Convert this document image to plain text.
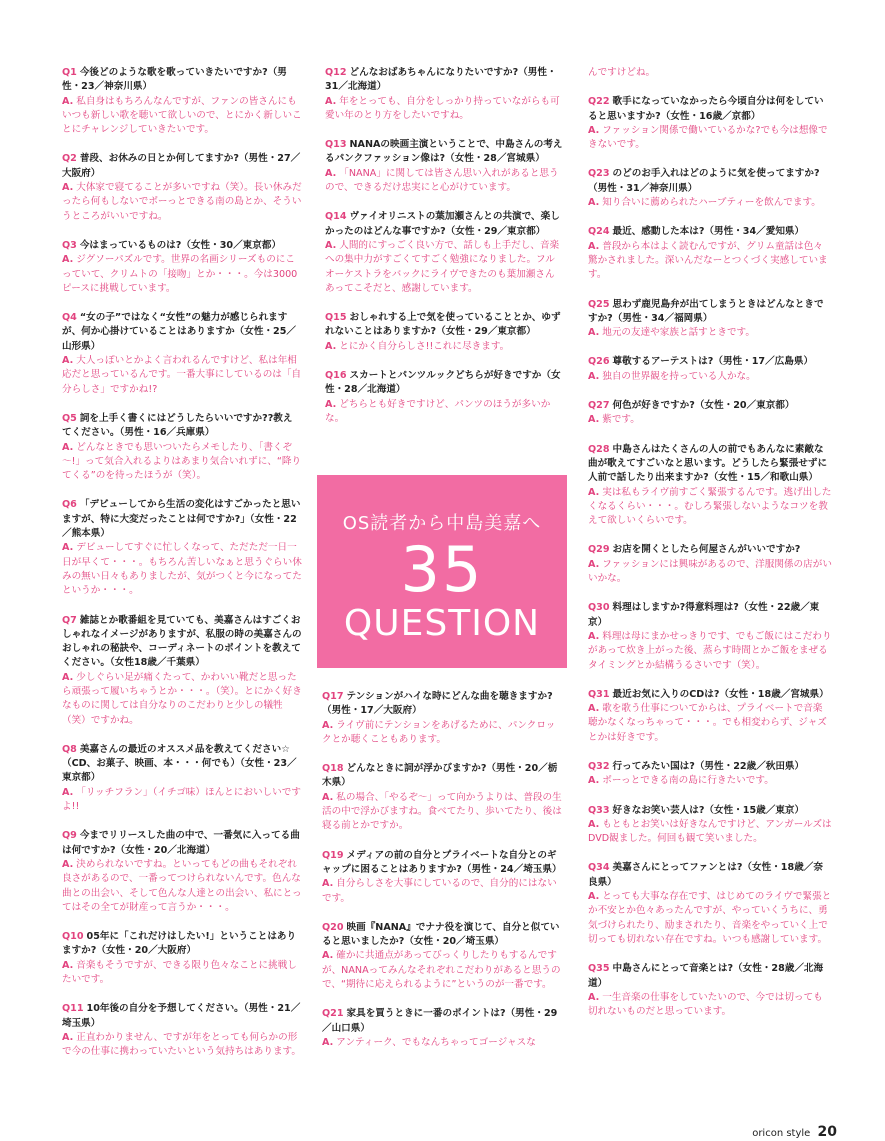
Q1 今後どのような歌を歌っていきたいですか?（男性・23／神奈川県）

A. 私自身はもちろんなんですが、ファンの皆さんにもいつも新しい歌を聴いて欲しいので、とにかく新しいことにチャレンジしていきたいです。

Q2 普段、お休みの日とか何してますか?（男性・27／大阪府）

A. 大体家で寝てることが多いですね（笑）。長い休みだったら何もしないでボーっとできる南の島とか、そういうところがいいですね。

Q3 今はまっているものは?（女性・30／東京都）

A. ジグソーパズルです。世界の名画シリーズものにこっていて、クリムトの「接吻」とか・・・。今は3000ピースに挑戦しています。

Q4 “女の子”ではなく“女性”の魅力が感じられますが、何か心掛けていることはありますか（女性・25／山形県）

A. 大人っぽいとかよく言われるんですけど、私は年相応だと思っているんです。一番大事にしているのは「自分らしさ」ですかね!?

Q5 詞を上手く書くにはどうしたらいいですか??教えてください。（男性・16／兵庫県）

A. どんなときでも思いついたらメモしたり、「書くぞ～!」って気合入れるよりはあまり気合いれずに、“降りてくる”のを待ったほうが（笑）。

Q6 「デビューしてから生活の変化はすごかったと思いますが、特に大変だったことは何ですか?」（女性・22／熊本県）

A. デビューしてすぐに忙しくなって、ただただ一日一日が早くて・・・。もちろん苦しいなぁと思うぐらい休みの無い日々もありましたが、気がつくと今になってたというか・・・。

Q7 雑誌とか歌番組を見ていても、美嘉さんはすごくおしゃれなイメージがありますが、私服の時の美嘉さんのおしゃれの秘訣や、コーディネートのポイントを教えてください。（女性18歳／千葉県）

A. 少しぐらい足が痛くたって、かわいい靴だと思ったら頑張って履いちゃうとか・・・。（笑）。とにかく好きなものに関しては自分なりのこだわりと少しの犠牲（笑）ですかね。

Q8 美嘉さんの最近のオススメ品を教えてください☆（CD、お菓子、映画、本・・・何でも）（女性・23／東京都）

A. 「リッチフラン」（イチゴ味）ほんとにおいしいですよ!!

Q9 今までリリースした曲の中で、一番気に入ってる曲は何ですか?（女性・20／北海道）

A. 決められないですね。といってもどの曲もそれぞれ良さがあるので、一番ってつけられないんです。色んな曲との出会い、そして色んな人達との出会い、私にとってはその全てが財産って言うか・・・。

Q10 05年に「これだけはしたい!」ということはありますか?（女性・20／大阪府）

A. 音楽もそうですが、できる限り色々なことに挑戦したいです。

Q11 10年後の自分を予想してください。（男性・21／埼玉県）

A. 正直わかりません、ですが年をとっても何らかの形で今の仕事に携わっていたいという気持ちはあります。

Q12 どんなおばあちゃんになりたいですか?（男性・31／北海道）

A. 年をとっても、自分をしっかり持っていながらも可愛い年のとり方をしたいですね。

Q13 NANAの映画主演ということで、中島さんの考えるパンクファッション像は?（女性・28／宮城県）

A. 「NANA」に関しては皆さん思い入れがあると思うので、できるだけ忠実にと心がけています。

Q14 ヴァイオリニストの葉加瀬さんとの共演で、楽しかったのはどんな事ですか?（女性・29／東京都）

A. 人間的にすっごく良い方で、話しも上手だし、音楽への集中力がすごくてすごく勉強になりました。フルオーケストラをバックにライヴできたのも葉加瀬さんあってこそだと、感謝しています。

Q15 おしゃれする上で気を使っていることとか、ゆずれないことはありますか?（女性・29／東京都）

A. とにかく自分らしさ!!これに尽きます。

Q16 スカートとパンツルックどちらが好きですか（女性・28／北海道）

A. どちらとも好きですけど、パンツのほうが多いかな。

OS読者から中島美嘉へ
35
QUESTION

Q17 テンションがハイな時にどんな曲を聴きますか?（男性・17／大阪府）

A. ライヴ前にテンションをあげるために、パンクロックとか聴くこともあります。

Q18 どんなときに詞が浮かびますか?（男性・20／栃木県）

A. 私の場合、「やるぞ～」って向かうよりは、普段の生活の中で浮かびますね。食べてたり、歩いてたり、後は寝る前とかですか。

Q19 メディアの前の自分とプライベートな自分とのギャップに困ることはありますか?（男性・24／埼玉県）

A. 自分らしさを大事にしているので、自分的にはないです。

Q20 映画『NANA』でナナ役を演じて、自分と似ていると思いましたか?（女性・20／埼玉県）

A. 確かに共通点があってびっくりしたりもするんですが、NANAってみんなそれぞれこだわりがあると思うので、“期待に応えられるように”というのが一番です。

Q21 家具を買うときに一番のポイントは?（男性・29／山口県）

A. アンティーク、でもなんちゃってゴージャスな

んですけどね。

Q22 歌手になっていなかったら今頃自分は何をしていると思いますか?（女性・16歳／京都）

A. ファッション関係で働いているかな?でも今は想像できないです。

Q23 のどのお手入れはどのように気を使ってますか?（男性・31／神奈川県）

A. 知り合いに薦められたハーブティーを飲んでます。

Q24 最近、感動した本は?（男性・34／愛知県）

A. 普段から本はよく読むんですが、グリム童話は色々驚かされました。深いんだなーとつくづく実感しています。

Q25 思わず鹿児島弁が出てしまうときはどんなときですか?（男性・34／福岡県）

A. 地元の友達や家族と話すときです。

Q26 尊敬するアーテストは?（男性・17／広島県）

A. 独自の世界観を持っている人かな。

Q27 何色が好きですか?（女性・20／東京都）

A. 紫です。

Q28 中島さんはたくさんの人の前でもあんなに素敵な曲が歌えてすごいなと思います。どうしたら緊張せずに人前で話したり出来ますか?（女性・15／和歌山県）

A. 実は私もライヴ前すごく緊張するんです。逃げ出したくなるくらい・・・。むしろ緊張しないようなコツを教えて欲しいくらいです。

Q29 お店を開くとしたら何屋さんがいいですか?

A. ファッションには興味があるので、洋服関係の店がいいかな。

Q30 料理はしますか?得意料理は?（女性・22歳／東京）

A. 料理は母にまかせっきりです、でもご飯にはこだわりがあって炊き上がった後、蒸らす時間とかご飯をまぜるタイミングとか結構うるさいです（笑）。

Q31 最近お気に入りのCDは?（女性・18歳／宮城県）

A. 歌を歌う仕事についてからは、プライベートで音楽聴かなくなっちゃって・・・。でも相変わらず、ジャズとかは好きです。

Q32 行ってみたい国は?（男性・22歳／秋田県）

A. ボーっとできる南の島に行きたいです。

Q33 好きなお笑い芸人は?（女性・15歳／東京）

A. もともとお笑いは好きなんですけど、アンガールズはDVD観ました。何回も観て笑いました。

Q34 美嘉さんにとってファンとは?（女性・18歳／奈良県）

A. とっても大事な存在です、はじめてのライヴで緊張とか不安とか色々あったんですが、やっていくうちに、勇気づけられたり、励まされたり、音楽をやっていく上で切っても切れない存在ですね。いつも感謝しています。

Q35 中島さんにとって音楽とは?（女性・28歳／北海道）

A. 一生音楽の仕事をしていたいので、今では切っても切れないものだと思っています。

oricon style 20
